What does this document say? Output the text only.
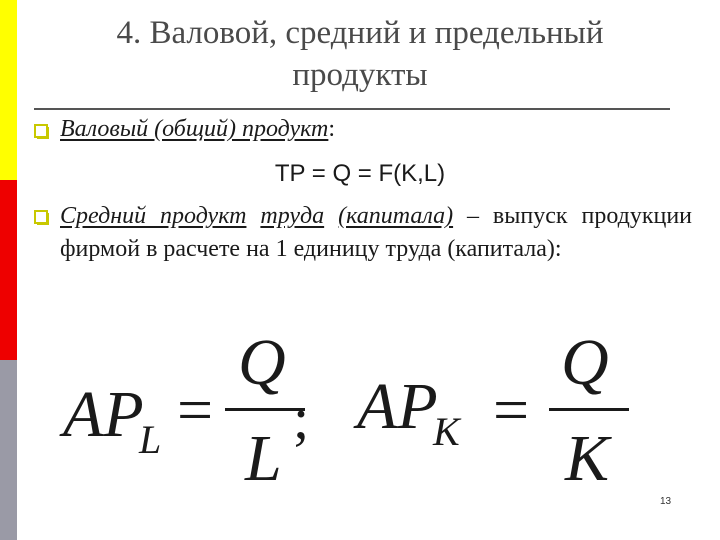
4. Валовой, средний и предельный
продукты
Валовый (общий) продукт:
TP = Q = F(K,L)
Средний продукт труда (капитала) – выпуск продукции фирмой в расчете на 1 единицу труда (капитала):
AP
L =
Q
L
; AP
K =
Q
K
13
